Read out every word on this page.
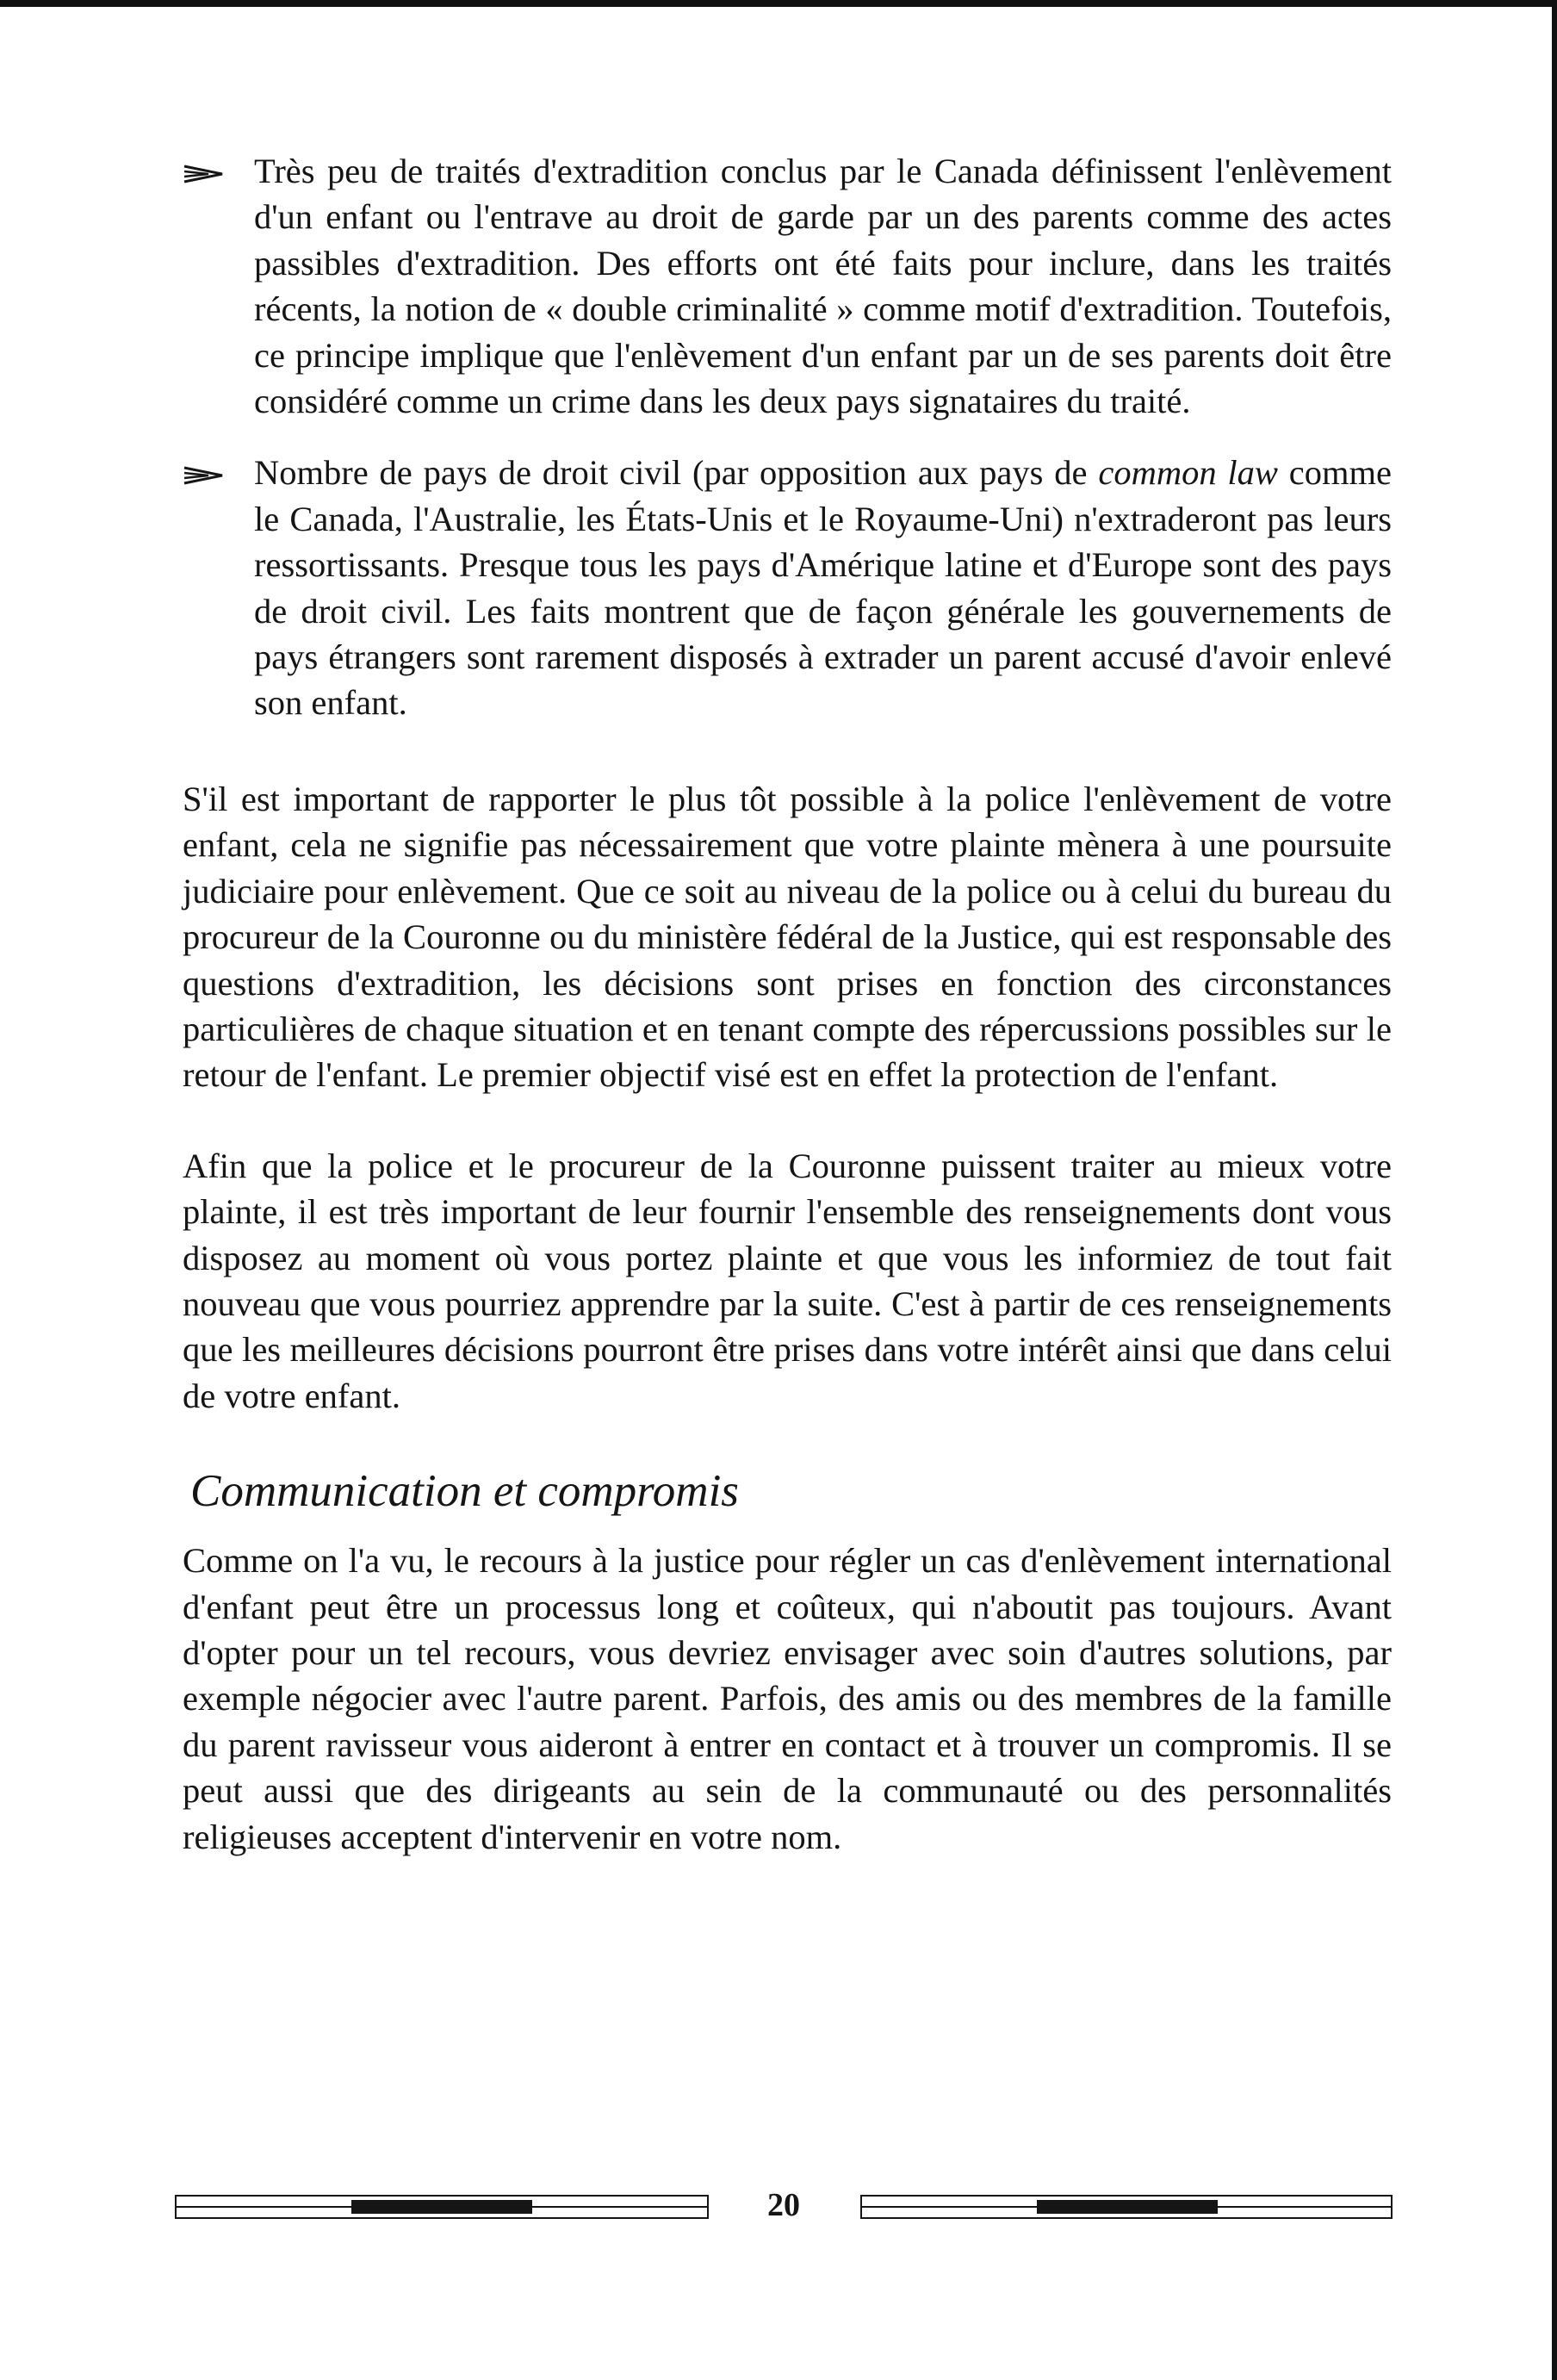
Très peu de traités d'extradition conclus par le Canada définissent l'enlèvement d'un enfant ou l'entrave au droit de garde par un des parents comme des actes passibles d'extradition. Des efforts ont été faits pour inclure, dans les traités récents, la notion de « double criminalité » comme motif d'extradition. Toutefois, ce principe implique que l'enlèvement d'un enfant par un de ses parents doit être considéré comme un crime dans les deux pays signataires du traité.

Nombre de pays de droit civil (par opposition aux pays de common law comme le Canada, l'Australie, les États-Unis et le Royaume-Uni) n'extraderont pas leurs ressortissants. Presque tous les pays d'Amérique latine et d'Europe sont des pays de droit civil. Les faits montrent que de façon générale les gouvernements de pays étrangers sont rarement disposés à extrader un parent accusé d'avoir enlevé son enfant.

S'il est important de rapporter le plus tôt possible à la police l'enlèvement de votre enfant, cela ne signifie pas nécessairement que votre plainte mènera à une poursuite judiciaire pour enlèvement. Que ce soit au niveau de la police ou à celui du bureau du procureur de la Couronne ou du ministère fédéral de la Justice, qui est responsable des questions d'extradition, les décisions sont prises en fonction des circonstances particulières de chaque situation et en tenant compte des répercussions possibles sur le retour de l'enfant. Le premier objectif visé est en effet la protection de l'enfant.

Afin que la police et le procureur de la Couronne puissent traiter au mieux votre plainte, il est très important de leur fournir l'ensemble des renseignements dont vous disposez au moment où vous portez plainte et que vous les informiez de tout fait nouveau que vous pourriez apprendre par la suite. C'est à partir de ces renseignements que les meilleures décisions pourront être prises dans votre intérêt ainsi que dans celui de votre enfant.

Communication et compromis

Comme on l'a vu, le recours à la justice pour régler un cas d'enlèvement international d'enfant peut être un processus long et coûteux, qui n'aboutit pas toujours. Avant d'opter pour un tel recours, vous devriez envisager avec soin d'autres solutions, par exemple négocier avec l'autre parent. Parfois, des amis ou des membres de la famille du parent ravisseur vous aideront à entrer en contact et à trouver un compromis. Il se peut aussi que des dirigeants au sein de la communauté ou des personnalités religieuses acceptent d'intervenir en votre nom.

20
